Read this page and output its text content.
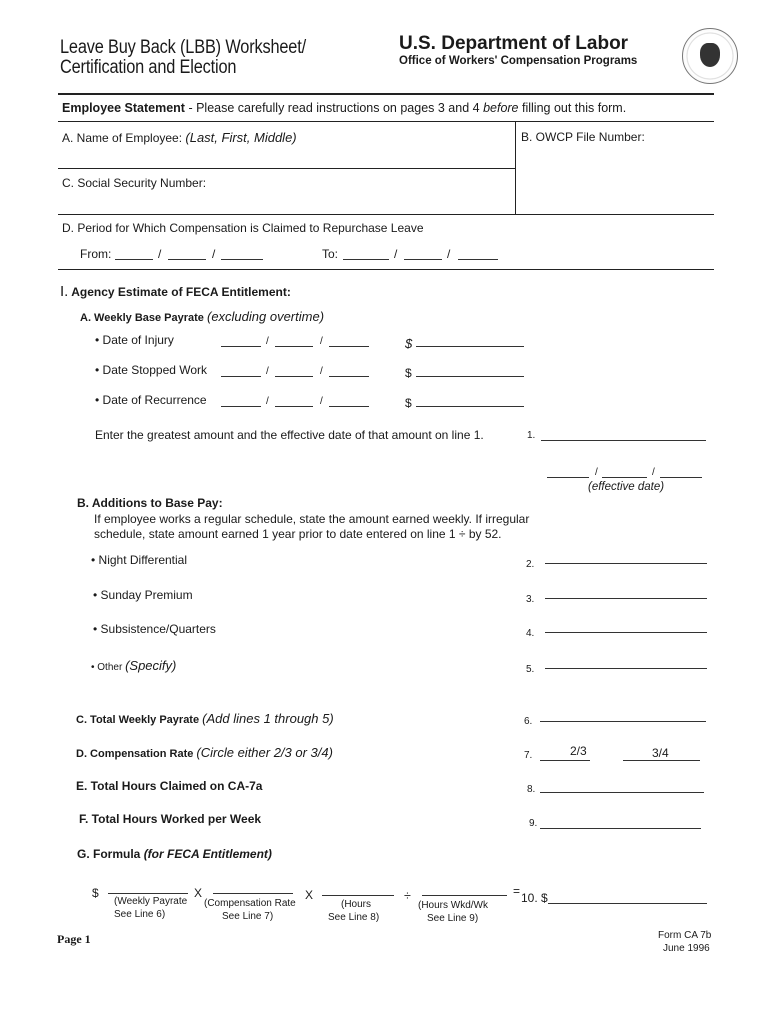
Leave Buy Back (LBB) Worksheet/
Certification and Election
U.S. Department of Labor
Office of Workers' Compensation Programs
Employee Statement - Please carefully read instructions on pages 3 and 4 before filling out this form.
A. Name of Employee: (Last, First, Middle)	B. OWCP File Number:
C. Social Security Number:
D. Period for Which Compensation is Claimed to Repurchase Leave
From:	/	/	To:	/	/
I. Agency Estimate of FECA Entitlement:
A. Weekly Base Payrate (excluding overtime)
• Date of Injury	/	/	$
• Date Stopped Work	/	/	$
• Date of Recurrence	/	/	$
Enter the greatest amount and the effective date of that amount on line 1.	1.
/	/
(effective date)
B. Additions to Base Pay:
If employee works a regular schedule, state the amount earned weekly. If irregular
schedule, state amount earned 1 year prior to date entered on line 1 ÷ by 52.
• Night Differential	2.
• Sunday Premium	3.
• Subsistence/Quarters	4.
• Other (Specify)	5.
C. Total Weekly Payrate (Add lines 1 through 5)	6.
D. Compensation Rate (Circle either 2/3 or 3/4)	7.	2/3	3/4
E. Total Hours Claimed on CA-7a	8.
F. Total Hours Worked per Week	9.
G. Formula (for FECA Entitlement)
$	X	X	÷	= 10. $
(Weekly Payrate
See Line 6)
(Compensation Rate
See Line 7)
(Hours
See Line 8)
(Hours Wkd/Wk
See Line 9)
Page 1	Form CA 7b
June 1996
